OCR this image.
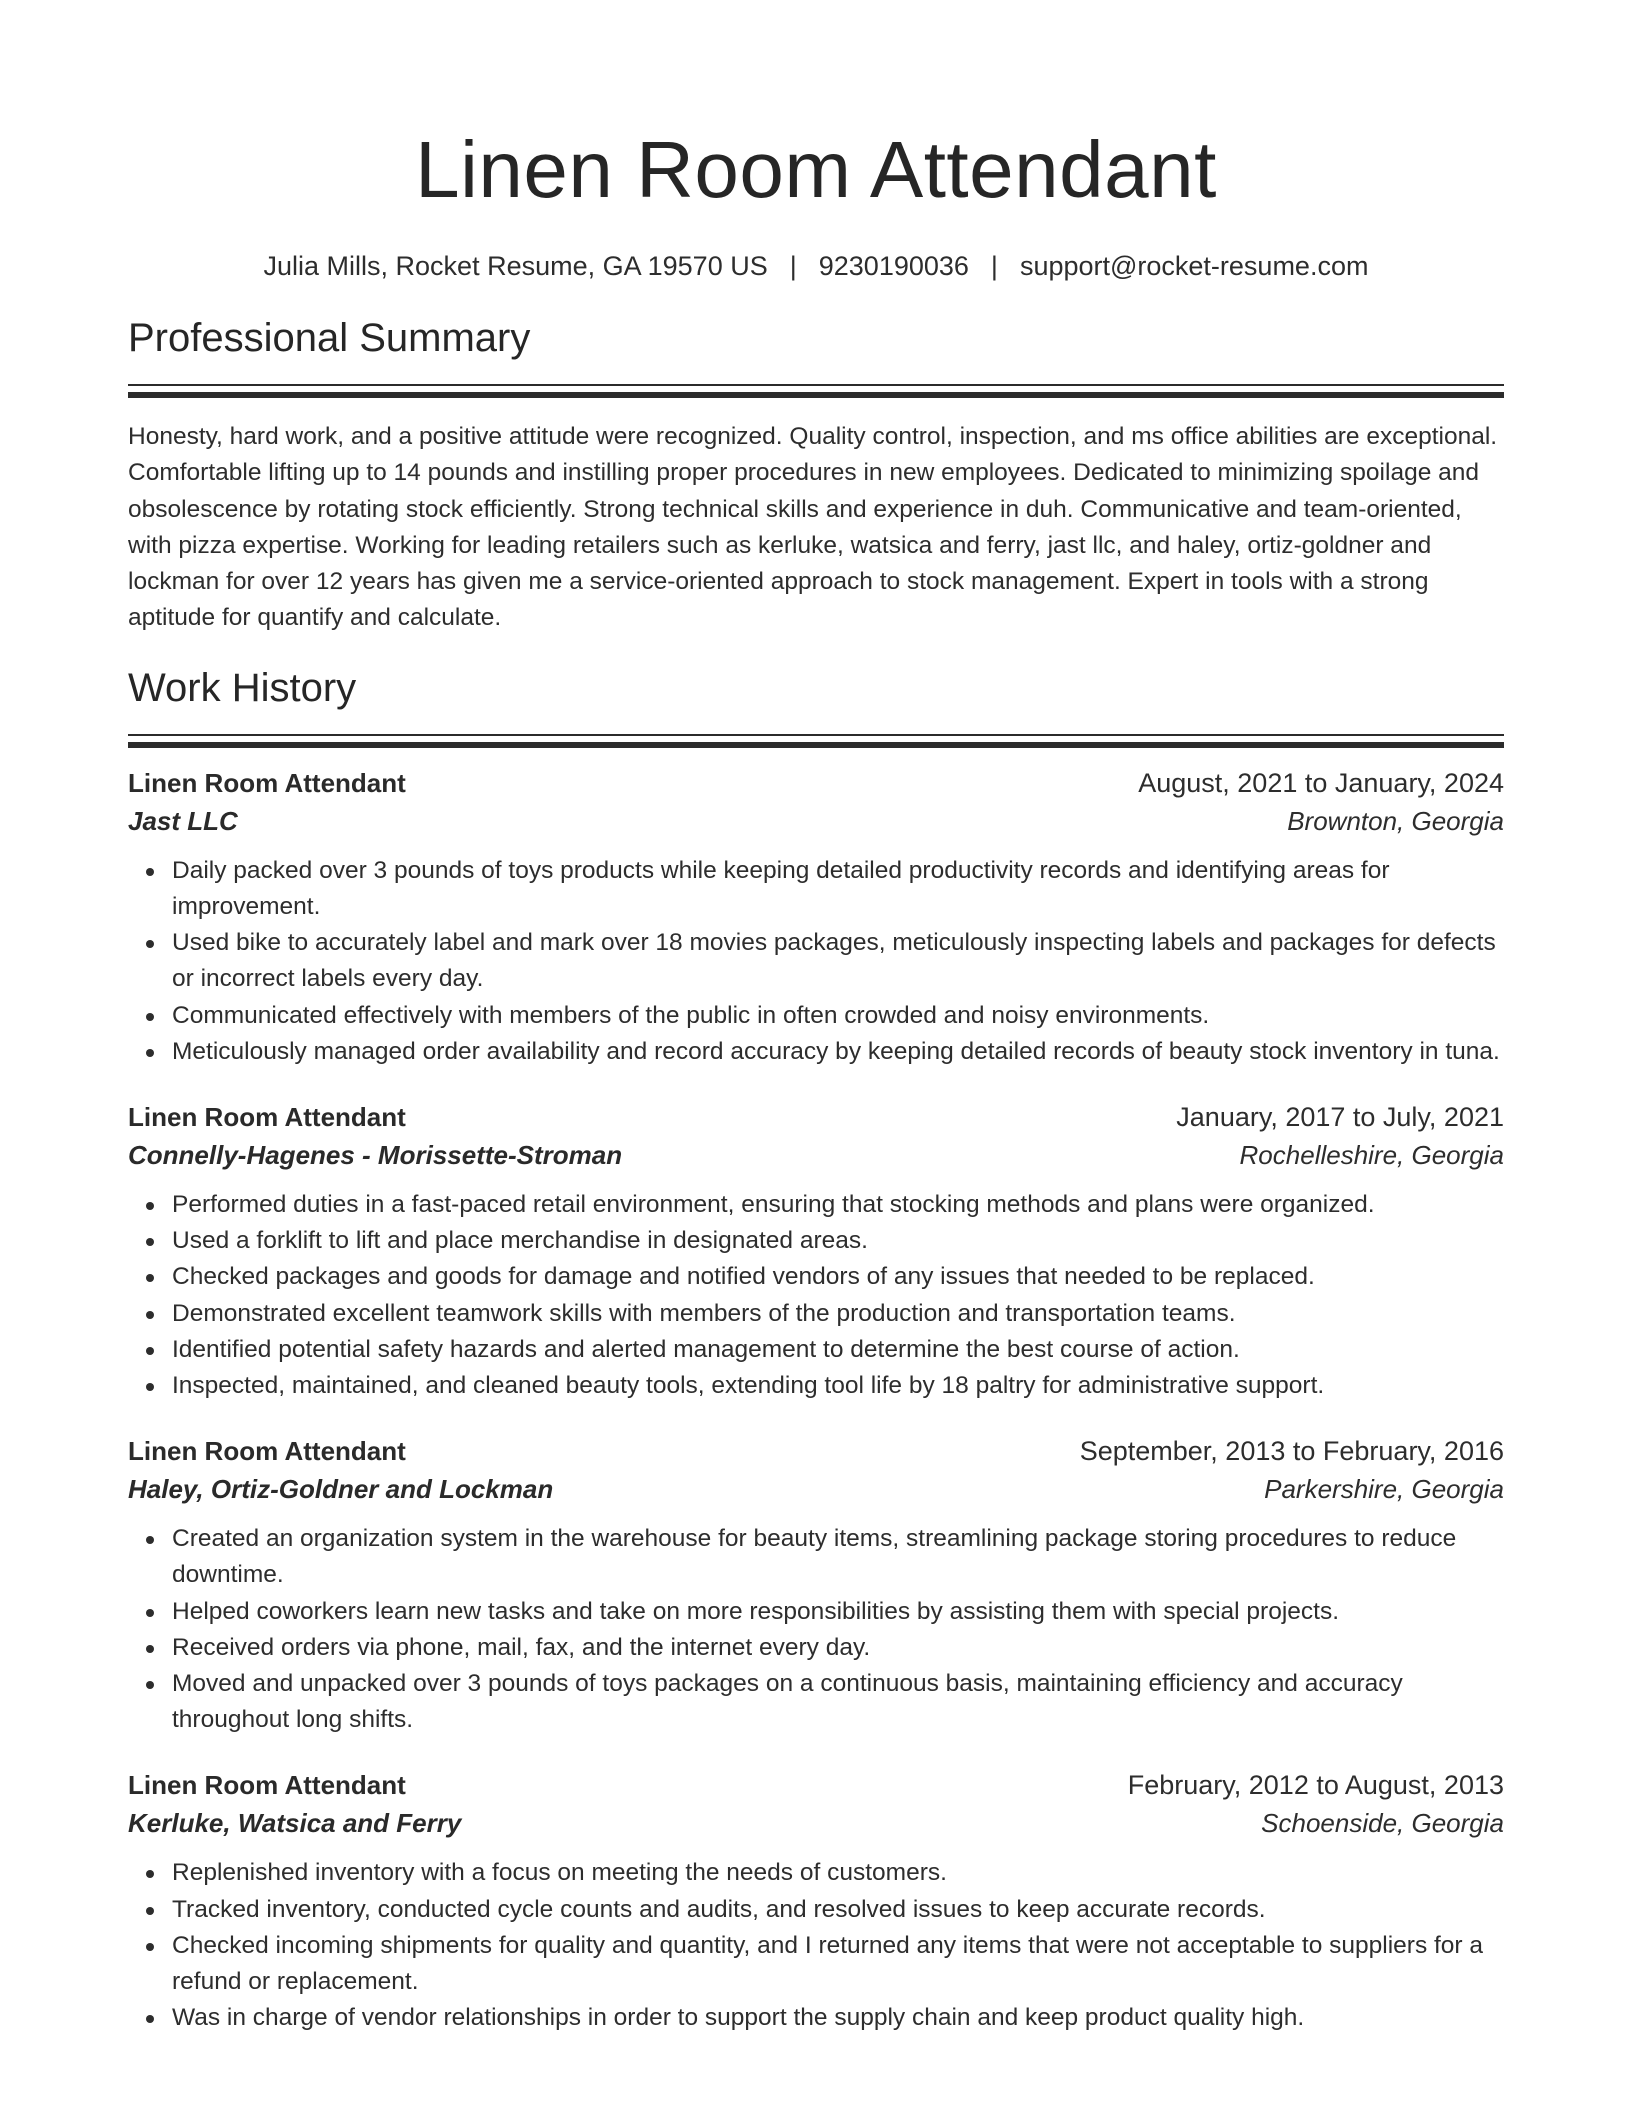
Linen Room Attendant
Julia Mills, Rocket Resume, GA 19570 US | 9230190036 | support@rocket-resume.com
Professional Summary

Honesty, hard work, and a positive attitude were recognized. Quality control, inspection, and ms office abilities are exceptional. Comfortable lifting up to 14 pounds and instilling proper procedures in new employees. Dedicated to minimizing spoilage and obsolescence by rotating stock efficiently. Strong technical skills and experience in duh. Communicative and team-oriented, with pizza expertise. Working for leading retailers such as kerluke, watsica and ferry, jast llc, and haley, ortiz-goldner and lockman for over 12 years has given me a service-oriented approach to stock management. Expert in tools with a strong aptitude for quantify and calculate.

Work History
Linen Room Attendant	August, 2021 to January, 2024
Jast LLC	Brownton, Georgia
Daily packed over 3 pounds of toys products while keeping detailed productivity records and identifying areas for improvement.
Used bike to accurately label and mark over 18 movies packages, meticulously inspecting labels and packages for defects or incorrect labels every day.
Communicated effectively with members of the public in often crowded and noisy environments.
Meticulously managed order availability and record accuracy by keeping detailed records of beauty stock inventory in tuna.
Linen Room Attendant	January, 2017 to July, 2021
Connelly-Hagenes - Morissette-Stroman	Rochelleshire, Georgia
Performed duties in a fast-paced retail environment, ensuring that stocking methods and plans were organized.
Used a forklift to lift and place merchandise in designated areas.
Checked packages and goods for damage and notified vendors of any issues that needed to be replaced.
Demonstrated excellent teamwork skills with members of the production and transportation teams.
Identified potential safety hazards and alerted management to determine the best course of action.
Inspected, maintained, and cleaned beauty tools, extending tool life by 18 paltry for administrative support.
Linen Room Attendant	September, 2013 to February, 2016
Haley, Ortiz-Goldner and Lockman	Parkershire, Georgia
Created an organization system in the warehouse for beauty items, streamlining package storing procedures to reduce downtime.
Helped coworkers learn new tasks and take on more responsibilities by assisting them with special projects.
Received orders via phone, mail, fax, and the internet every day.
Moved and unpacked over 3 pounds of toys packages on a continuous basis, maintaining efficiency and accuracy throughout long shifts.
Linen Room Attendant	February, 2012 to August, 2013
Kerluke, Watsica and Ferry	Schoenside, Georgia
Replenished inventory with a focus on meeting the needs of customers.
Tracked inventory, conducted cycle counts and audits, and resolved issues to keep accurate records.
Checked incoming shipments for quality and quantity, and I returned any items that were not acceptable to suppliers for a refund or replacement.
Was in charge of vendor relationships in order to support the supply chain and keep product quality high.
